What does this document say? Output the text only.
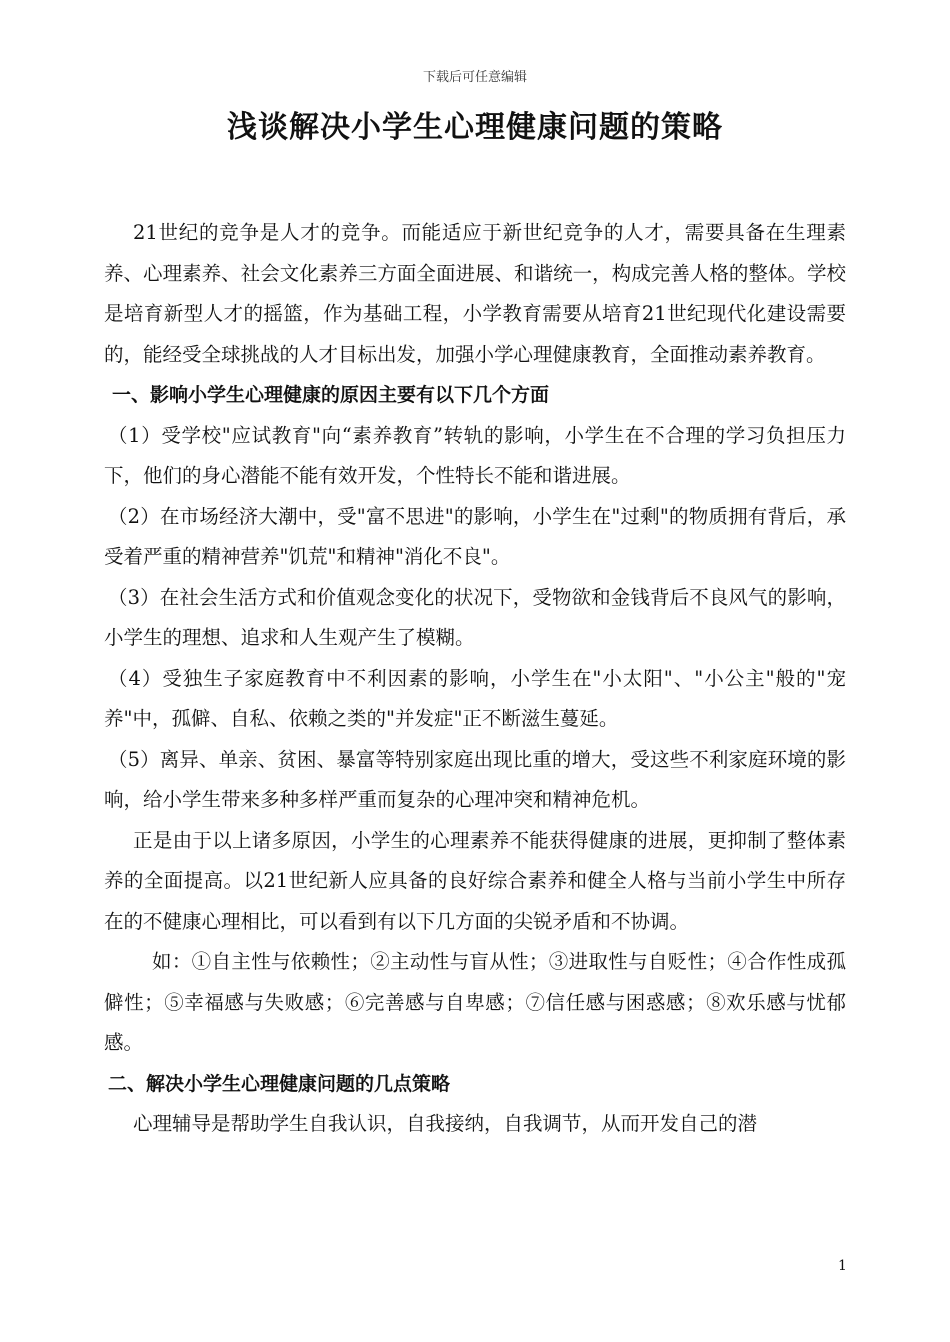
下载后可任意编辑
浅谈解决小学生心理健康问题的策略

21世纪的竞争是人才的竞争。而能适应于新世纪竞争的人才，需要具备在生理素养、心理素养、社会文化素养三方面全面进展、和谐统一，构成完善人格的整体。学校是培育新型人才的摇篮，作为基础工程，小学教育需要从培育21世纪现代化建设需要的，能经受全球挑战的人才目标出发，加强小学心理健康教育，全面推动素养教育。

一、影响小学生心理健康的原因主要有以下几个方面

（1）受学校"应试教育"向“素养教育”转轨的影响，小学生在不合理的学习负担压力下，他们的身心潜能不能有效开发，个性特长不能和谐进展。

（2）在市场经济大潮中，受"富不思进"的影响，小学生在"过剩"的物质拥有背后，承受着严重的精神营养"饥荒"和精神"消化不良"。

（3）在社会生活方式和价值观念变化的状况下，受物欲和金钱背后不良风气的影响，小学生的理想、追求和人生观产生了模糊。

（4）受独生子家庭教育中不利因素的影响，小学生在"小太阳"、"小公主"般的"宠养"中，孤僻、自私、依赖之类的"并发症"正不断滋生蔓延。

（5）离异、单亲、贫困、暴富等特别家庭出现比重的增大，受这些不利家庭环境的影响，给小学生带来多种多样严重而复杂的心理冲突和精神危机。

正是由于以上诸多原因，小学生的心理素养不能获得健康的进展，更抑制了整体素养的全面提高。以21世纪新人应具备的良好综合素养和健全人格与当前小学生中所存在的不健康心理相比，可以看到有以下几方面的尖锐矛盾和不协调。

如：①自主性与依赖性；②主动性与盲从性；③进取性与自贬性；④合作性成孤僻性；⑤幸福感与失败感；⑥完善感与自卑感；⑦信任感与困惑感；⑧欢乐感与忧郁感。

二、解决小学生心理健康问题的几点策略

心理辅导是帮助学生自我认识，自我接纳，自我调节，从而开发自己的潜

1
